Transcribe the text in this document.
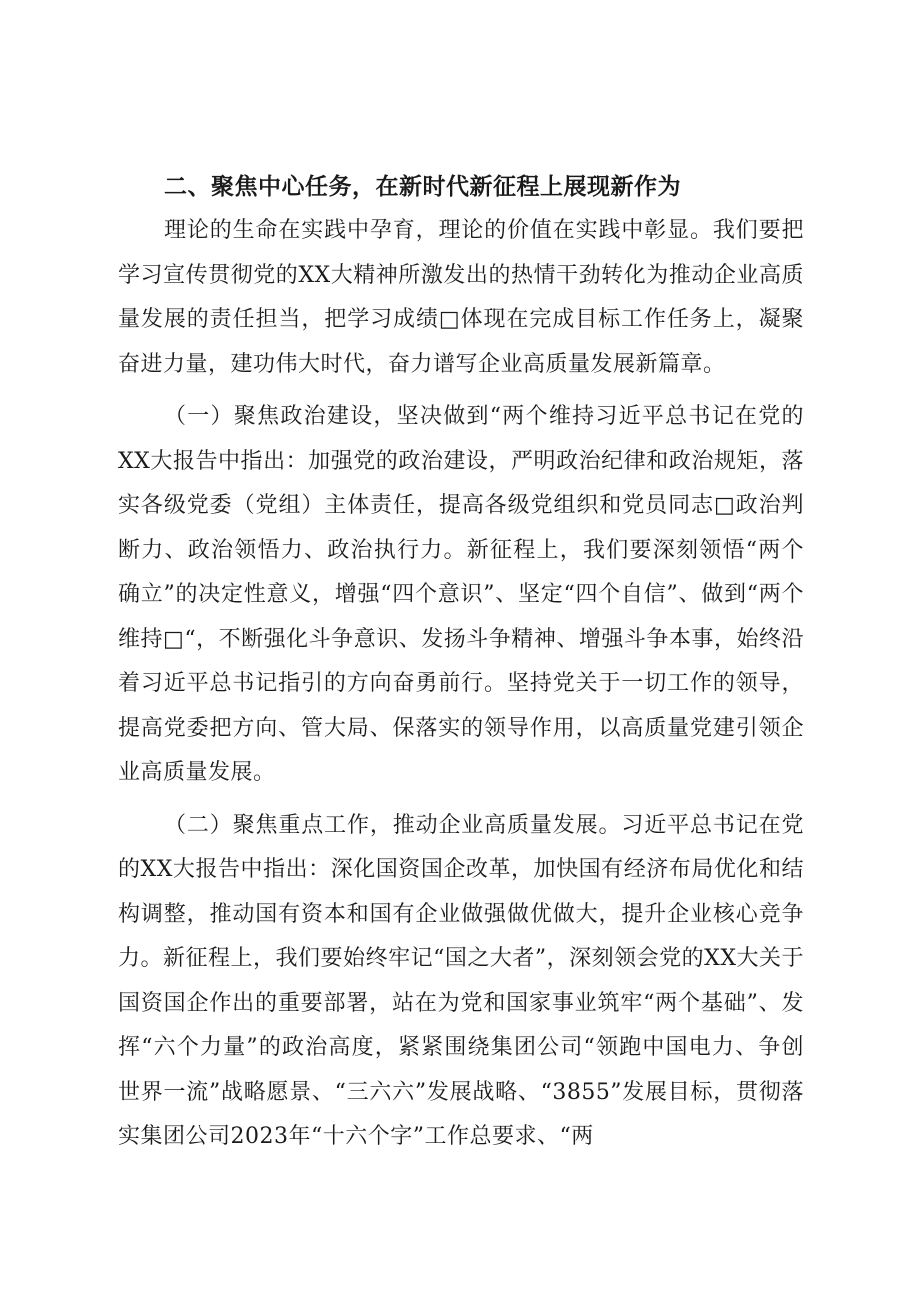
二、聚焦中心任务，在新时代新征程上展现新作为

理论的生命在实践中孕育，理论的价值在实践中彰显。我们要把学习宣传贯彻党的XX大精神所激发出的热情干劲转化为推动企业高质量发展的责任担当，把学习成绩□体现在完成目标工作任务上，凝聚奋进力量，建功伟大时代，奋力谱写企业高质量发展新篇章。

（一）聚焦政治建设，坚决做到“两个维持习近平总书记在党的XX大报告中指出：加强党的政治建设，严明政治纪律和政治规矩，落实各级党委（党组）主体责任，提高各级党组织和党员同志□政治判断力、政治领悟力、政治执行力。新征程上，我们要深刻领悟“两个确立”的决定性意义，增强“四个意识”、坚定“四个自信”、做到“两个维持□“，不断强化斗争意识、发扬斗争精神、增强斗争本事，始终沿着习近平总书记指引的方向奋勇前行。坚持党关于一切工作的领导，提高党委把方向、管大局、保落实的领导作用，以高质量党建引领企业高质量发展。

（二）聚焦重点工作，推动企业高质量发展。习近平总书记在党的XX大报告中指出：深化国资国企改革，加快国有经济布局优化和结构调整，推动国有资本和国有企业做强做优做大，提升企业核心竞争力。新征程上，我们要始终牢记“国之大者”，深刻领会党的XX大关于国资国企作出的重要部署，站在为党和国家事业筑牢“两个基础”、发挥“六个力量”的政治高度，紧紧围绕集团公司“领跑中国电力、争创世界一流”战略愿景、“三六六”发展战略、“3855”发展目标，贯彻落实集团公司2023年“十六个字”工作总要求、“两
